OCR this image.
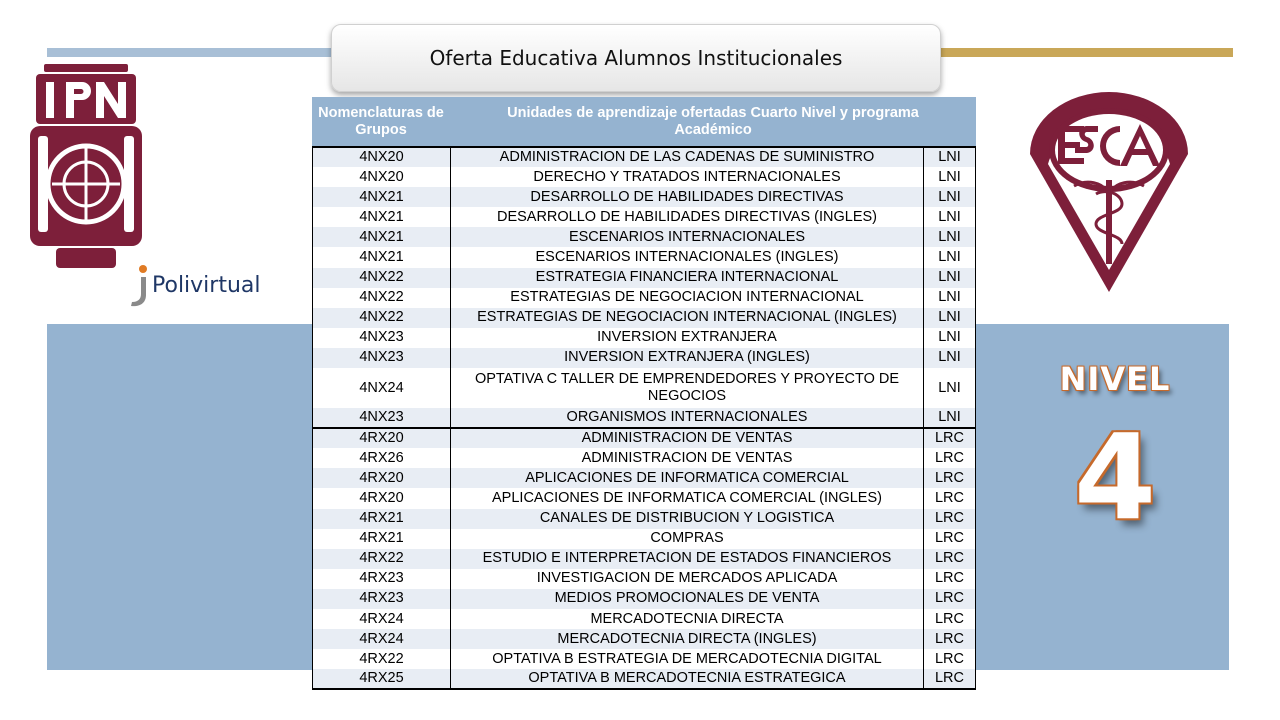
Oferta Educativa Alumnos Institucionales
Polivirtual
NIVEL
4
Nomenclaturas de Grupos
Unidades de aprendizaje ofertadas Cuarto Nivel y programa Académico
4NX20	ADMINISTRACION DE LAS CADENAS DE SUMINISTRO	LNI
4NX20	DERECHO Y TRATADOS INTERNACIONALES	LNI
4NX21	DESARROLLO DE HABILIDADES DIRECTIVAS	LNI
4NX21	DESARROLLO DE HABILIDADES DIRECTIVAS (INGLES)	LNI
4NX21	ESCENARIOS INTERNACIONALES	LNI
4NX21	ESCENARIOS INTERNACIONALES (INGLES)	LNI
4NX22	ESTRATEGIA FINANCIERA INTERNACIONAL	LNI
4NX22	ESTRATEGIAS DE NEGOCIACION INTERNACIONAL	LNI
4NX22	ESTRATEGIAS DE NEGOCIACION INTERNACIONAL (INGLES)	LNI
4NX23	INVERSION EXTRANJERA	LNI
4NX23	INVERSION EXTRANJERA (INGLES)	LNI
4NX24	OPTATIVA C TALLER DE EMPRENDEDORES Y PROYECTO DE NEGOCIOS	LNI
4NX23	ORGANISMOS INTERNACIONALES	LNI
4RX20	ADMINISTRACION DE VENTAS	LRC
4RX26	ADMINISTRACION DE VENTAS	LRC
4RX20	APLICACIONES DE INFORMATICA COMERCIAL	LRC
4RX20	APLICACIONES DE INFORMATICA COMERCIAL (INGLES)	LRC
4RX21	CANALES DE DISTRIBUCION Y LOGISTICA	LRC
4RX21	COMPRAS	LRC
4RX22	ESTUDIO E INTERPRETACION DE ESTADOS FINANCIEROS	LRC
4RX23	INVESTIGACION DE MERCADOS APLICADA	LRC
4RX23	MEDIOS PROMOCIONALES DE VENTA	LRC
4RX24	MERCADOTECNIA DIRECTA	LRC
4RX24	MERCADOTECNIA DIRECTA (INGLES)	LRC
4RX22	OPTATIVA B ESTRATEGIA DE MERCADOTECNIA DIGITAL	LRC
4RX25	OPTATIVA B MERCADOTECNIA ESTRATEGICA	LRC
